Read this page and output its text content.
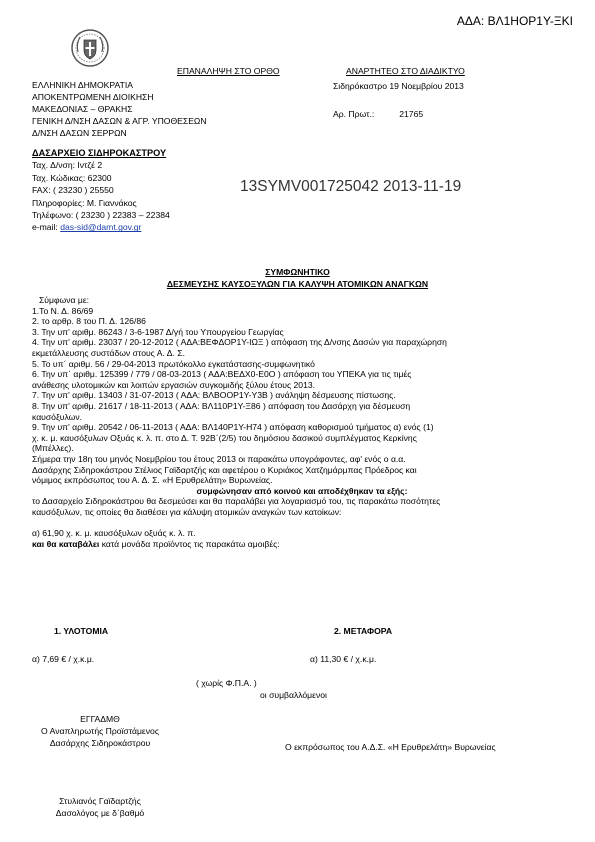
ΑΔΑ: ΒΛ1ΗΟΡ1Υ-ΞΚΙ
ΕΠΑΝΑΛΗΨΗ ΣΤΟ ΟΡΘΟ	ΑΝΑΡΤΗΤΕΟ ΣΤΟ ΔΙΑΔΙΚΤΥΟ
ΕΛΛΗΝΙΚΗ ΔΗΜΟΚΡΑΤΙΑ
ΑΠΟΚΕΝΤΡΩΜΕΝΗ ΔΙΟΙΚΗΣΗ
ΜΑΚΕΔΟΝΙΑΣ – ΘΡΑΚΗΣ
ΓΕΝΙΚΗ Δ/ΝΣΗ ΔΑΣΩΝ & ΑΓΡ. ΥΠΟΘΕΣΕΩΝ
Δ/ΝΣΗ ΔΑΣΩΝ ΣΕΡΡΩΝ
Σιδηρόκαστρο 19 Νοεμβρίου 2013
Αρ. Πρωτ.:	21765
ΔΑΣΑΡΧΕΙΟ ΣΙΔΗΡΟΚΑΣΤΡΟΥ
Ταχ. Δ/νση: Ιντζέ 2
Ταχ. Κώδικας: 62300
FAX: ( 23230 ) 25550
Πληροφορίες: Μ. Γιαννάκος
Τηλέφωνο: ( 23230 ) 22383 – 22384
e-mail: das-sid@damt.gov.gr
13SYMV001725042 2013-11-19
ΣΥΜΦΩΝΗΤΙΚΟ
ΔΕΣΜΕΥΣΗΣ ΚΑΥΣΟΞΥΛΩΝ ΓΙΑ ΚΑΛΥΨΗ ΑΤΟΜΙΚΩΝ ΑΝΑΓΚΩΝ
Σύμφωνα με:
1.Το Ν. Δ. 86/69
2. το αρθρ. 8 του Π. Δ. 126/86
3. Την υπ' αριθμ. 86243 / 3-6-1987 Δ/γή του Υπουργείου Γεωργίας
4. Την υπ' αριθμ. 23037 / 20-12-2012 ( ΑΔΑ:ΒΕΦΔΟΡ1Υ-ΙΩΞ ) απόφαση της Δ/νσης Δασών για παραχώρηση
εκμετάλλευσης συστάδων στους Α. Δ. Σ.
5. Το υπ΄ αριθμ. 56 / 29-04-2013 πρωτόκολλο εγκατάστασης-συμφωνητικό
6. Την υπ΄ αριθμ. 125399 / 779 / 08-03-2013 ( ΑΔΑ:ΒΕΔΧ0-Ε0Ο ) απόφαση του ΥΠΕΚΑ για τις τιμές
ανάθεσης υλοτομικών και λοιπών εργασιών συγκομιδής ξύλου έτους 2013.
7. Την υπ' αριθμ. 13403 / 31-07-2013 ( ΑΔΑ: ΒΛΒΟΟΡ1Υ-Υ3Β ) ανάληψη δέσμευσης πίστωσης.
8. Την υπ' αριθμ. 21617 / 18-11-2013 ( ΑΔΑ: ΒΛ110Ρ1Υ-Ξ86 ) απόφαση του Δασάρχη για δέσμευση
καυσόξυλων.
9. Την υπ' αριθμ. 20542 / 06-11-2013 ( ΑΔΑ: ΒΛ140Ρ1Υ-Η74 ) απόφαση καθορισμού τμήματος α) ενός (1)
χ. κ. μ. καυσόξυλων Οξυάς κ. λ. π. στο Δ. Τ. 92Β΄(2/5) του δημόσιου δασικού συμπλέγματος Κερκίνης
(Μπέλλες).
Σήμερα την 18η του μηνός Νοεμβρίου του έτους 2013 οι παρακάτω υπογράφοντες, αφ' ενός ο α.α.
Δασάρχης Σιδηροκάστρου Στέλιος Γαϊδαρτζής και αφετέρου ο Κυριάκος Χατζημάρμπας Πρόεδρος και
νόμιμος εκπρόσωπος του Α. Δ. Σ. «Η Ερυθρελάτη» Βυρωνείας.
συμφώνησαν από κοινού και αποδέχθηκαν τα εξής:
το Δασαρχείο Σιδηροκάστρου θα δεσμεύσει και θα παραλάβει για λογαριασμό του, τις παρακάτω ποσότητες
καυσόξυλων, τις οποίες θα διαθέσει για κάλυψη ατομικών αναγκών των κατοίκων:
α) 61,90 χ. κ. μ. καυσόξυλων οξυάς κ. λ. π.
και θα καταβάλει κατά μονάδα προϊόντος τις παρακάτω αμοιβές:
1. ΥΛΟΤΟΜΙΑ	2. ΜΕΤΑΦΟΡΑ
α) 7,69 € / χ.κ.μ.	α) 11,30 € / χ.κ.μ.
( χωρίς Φ.Π.Α. )
οι συμβαλλόμενοι
ΕΓΓΑΔΜΘ
Ο Αναπληρωτής Προϊστάμενος
Δασάρχης Σιδηροκάστρου	Ο εκπρόσωπος του Α.Δ.Σ. «Η Ερυθρελάτη» Βυρωνείας
Στυλιανός Γαϊδαρτζής
Δασολόγος με δ΄βαθμό
